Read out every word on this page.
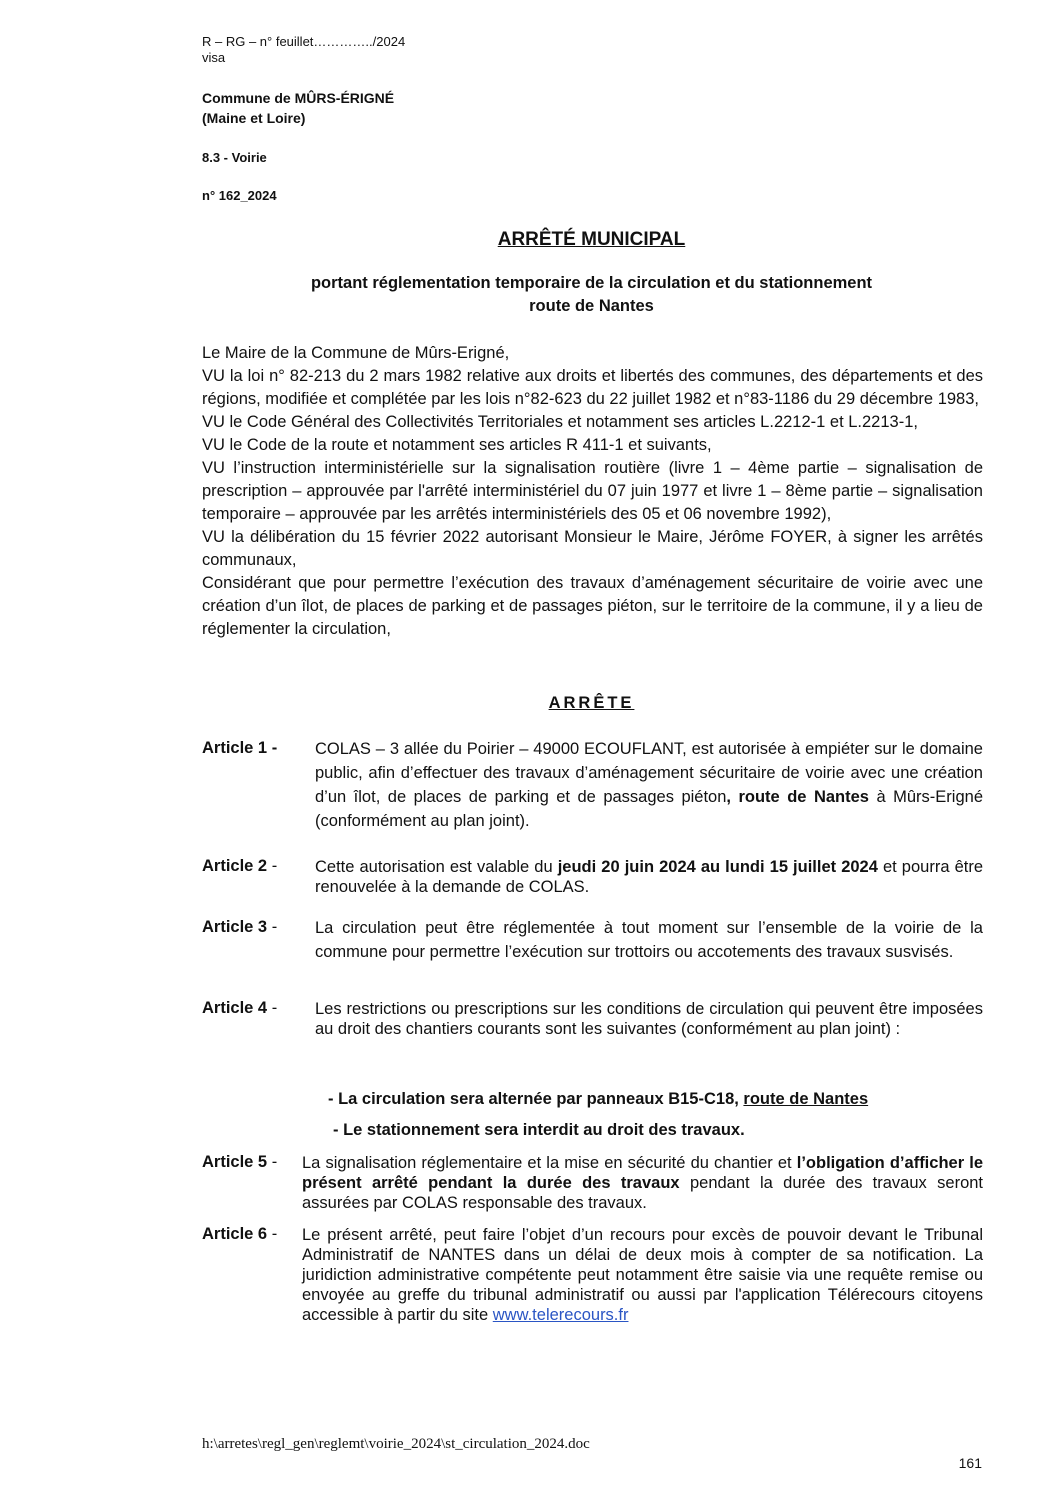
R – RG – n° feuillet…………../2024
visa
Commune de MÛRS-ÉRIGNÉ
(Maine et Loire)
8.3 - Voirie
n° 162_2024
ARRÊTÉ MUNICIPAL
portant réglementation temporaire de la circulation et du stationnement
route de Nantes
Le Maire de la Commune de Mûrs-Erigné,
VU la loi n° 82-213 du 2 mars 1982 relative aux droits et libertés des communes, des départements et des régions, modifiée et complétée par les lois n°82-623 du 22 juillet 1982 et n°83-1186 du 29 décembre 1983,
VU le Code Général des Collectivités Territoriales et notamment ses articles L.2212-1 et L.2213-1,
VU le Code de la route et notamment ses articles R 411-1 et suivants,
VU l’instruction interministérielle sur la signalisation routière (livre 1 – 4ème partie – signalisation de prescription – approuvée par l'arrêté interministériel du 07 juin 1977 et livre 1 – 8ème partie – signalisation temporaire – approuvée par les arrêtés interministériels des 05 et 06 novembre 1992),
VU la délibération du 15 février 2022 autorisant Monsieur le Maire, Jérôme FOYER, à signer les arrêtés communaux,
Considérant que pour permettre l’exécution des travaux d’aménagement sécuritaire de voirie avec une création d’un îlot, de places de parking et de passages piéton, sur le territoire de la commune, il y a lieu de réglementer la circulation,
ARRÊTE
Article 1 - COLAS – 3 allée du Poirier – 49000 ECOUFLANT, est autorisée à empiéter sur le domaine public, afin d’effectuer des travaux d’aménagement sécuritaire de voirie avec une création d’un îlot, de places de parking et de passages piéton, route de Nantes à Mûrs-Erigné (conformément au plan joint).
Article 2 - Cette autorisation est valable du jeudi 20 juin 2024 au lundi 15 juillet 2024 et pourra être renouvelée à la demande de COLAS.
Article 3 - La circulation peut être réglementée à tout moment sur l’ensemble de la voirie de la commune pour permettre l’exécution sur trottoirs ou accotements des travaux susvisés.
Article 4 - Les restrictions ou prescriptions sur les conditions de circulation qui peuvent être imposées au droit des chantiers courants sont les suivantes (conformément au plan joint) :
- La circulation sera alternée par panneaux B15-C18, route de Nantes
- Le stationnement sera interdit au droit des travaux.
Article 5 - La signalisation réglementaire et la mise en sécurité du chantier et l’obligation d’afficher le présent arrêté pendant la durée des travaux pendant la durée des travaux seront assurées par COLAS responsable des travaux.
Article 6 - Le présent arrêté, peut faire l’objet d’un recours pour excès de pouvoir devant le Tribunal Administratif de NANTES dans un délai de deux mois à compter de sa notification. La juridiction administrative compétente peut notamment être saisie via une requête remise ou envoyée au greffe du tribunal administratif ou aussi par l'application Télérecours citoyens accessible à partir du site www.telerecours.fr
h:\arretes\regl_gen\reglemt\voirie_2024\st_circulation_2024.doc
161
